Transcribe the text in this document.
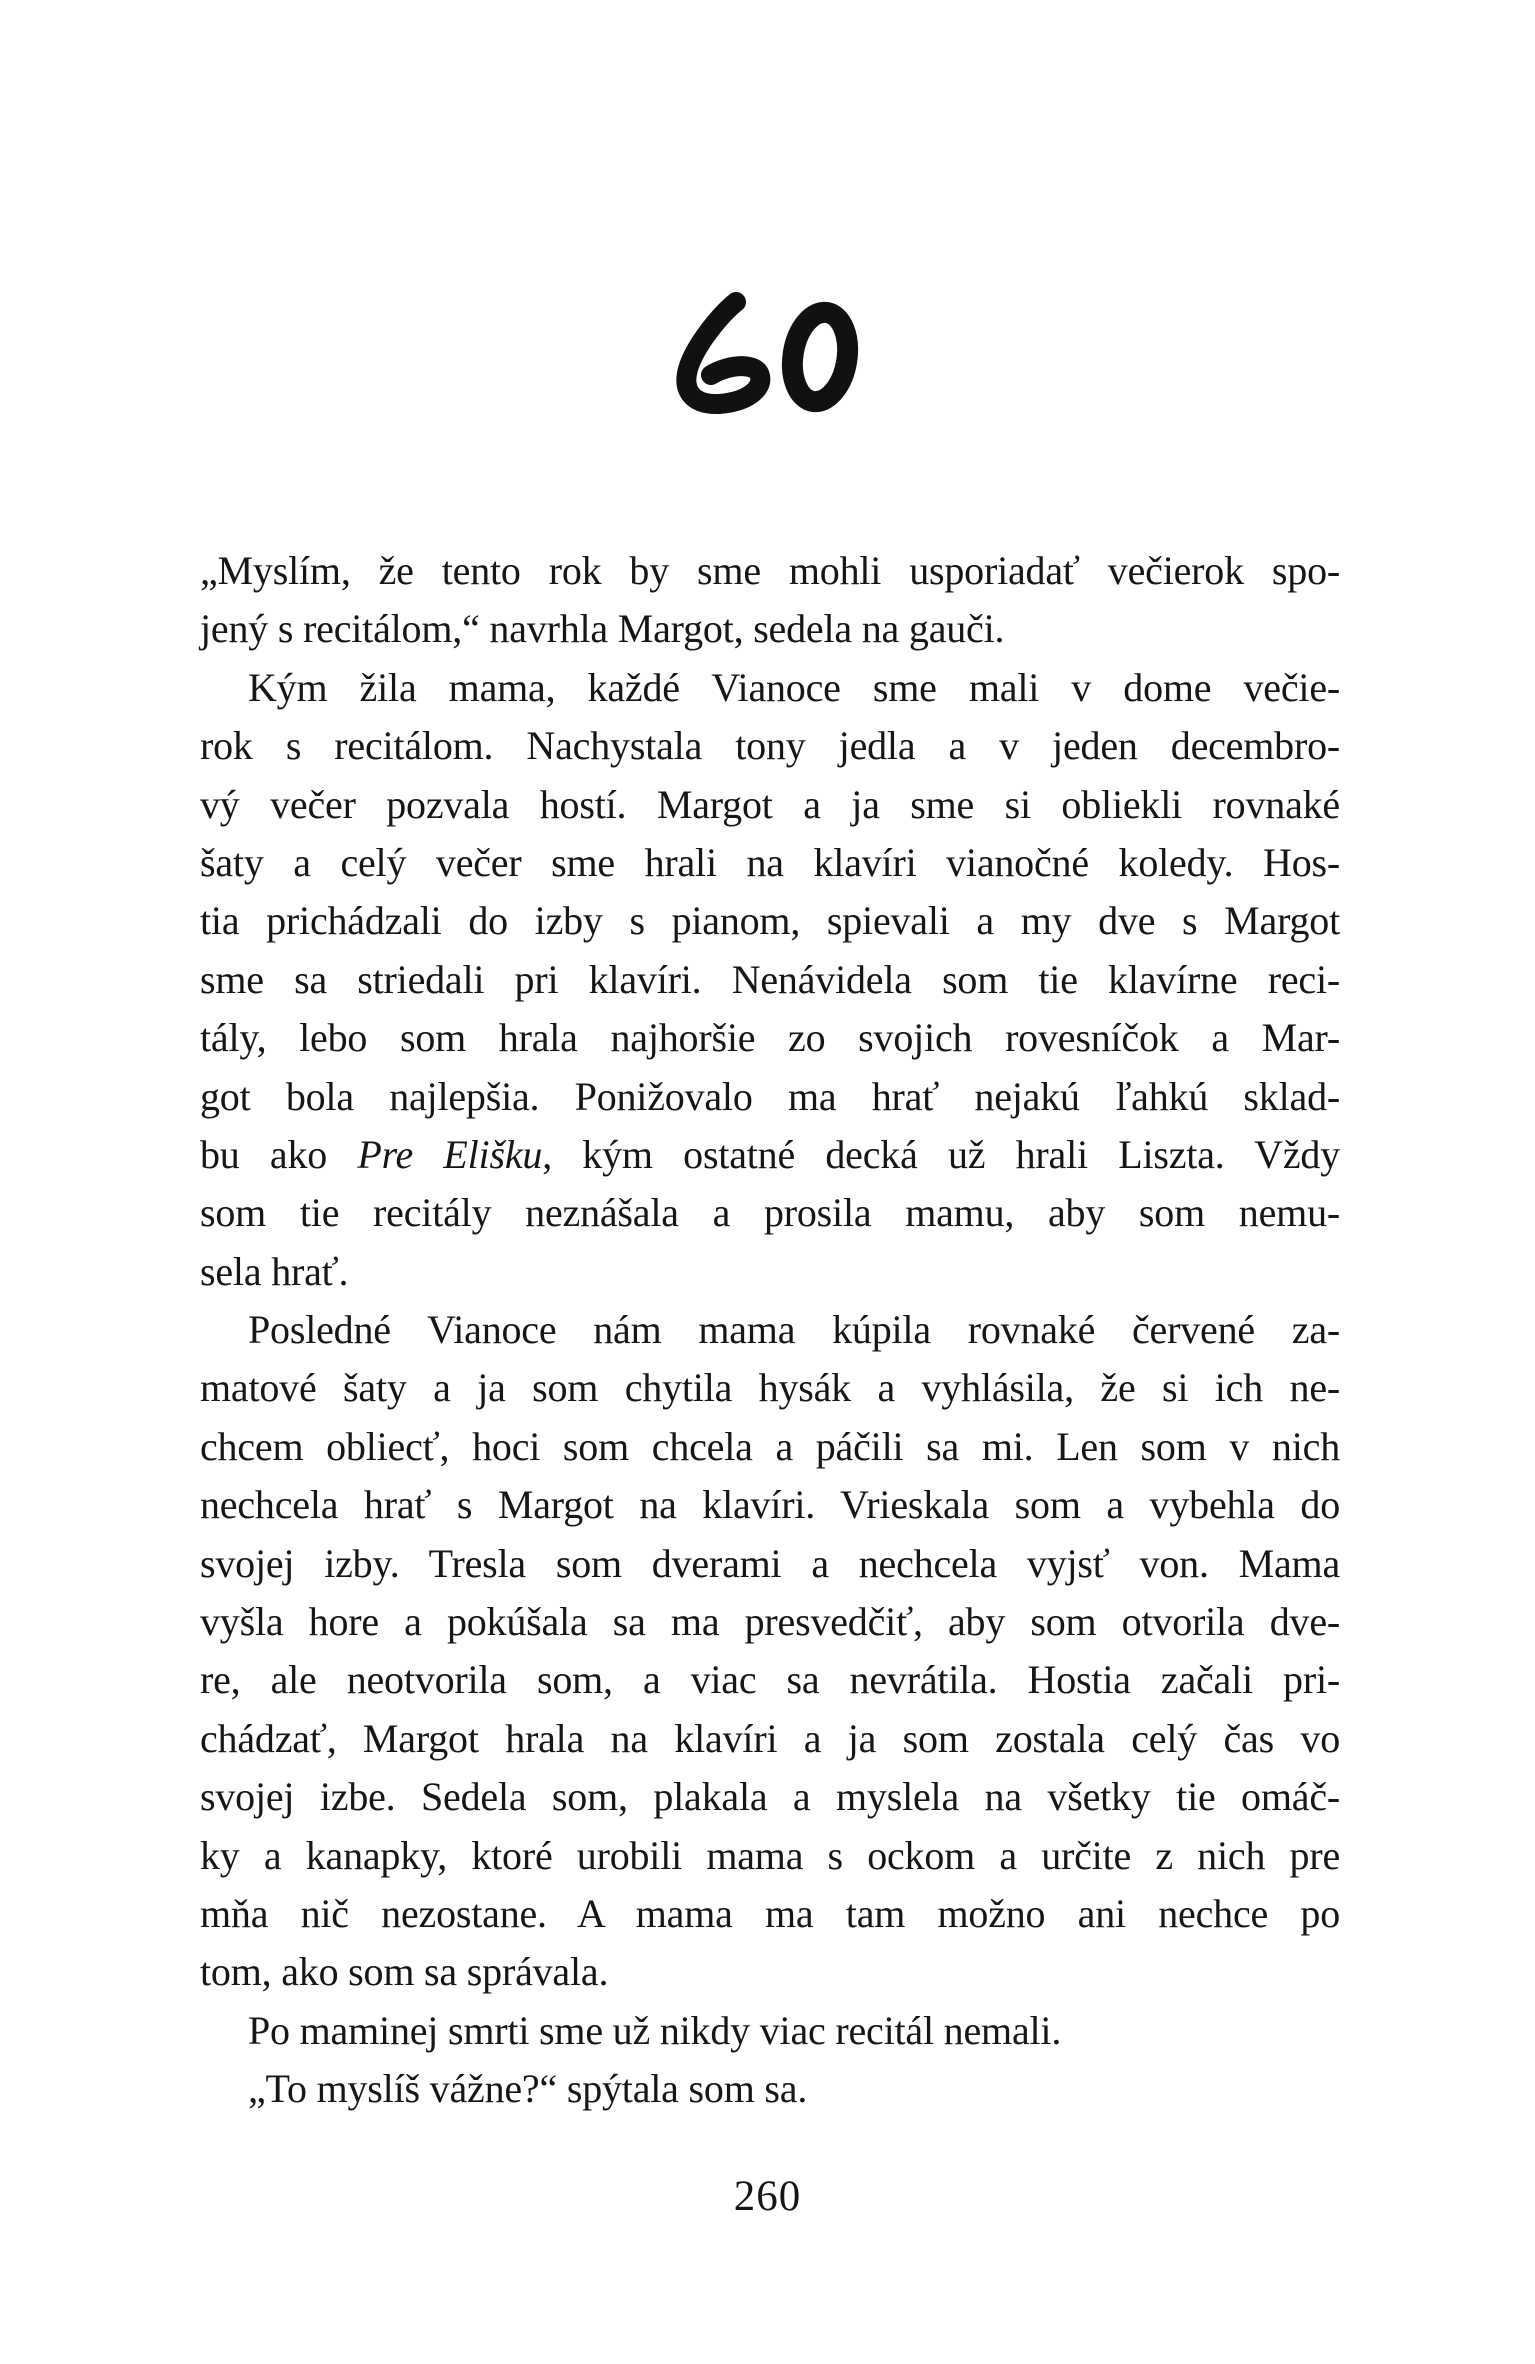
„Myslím, že tento rok by sme mohli usporiadať večierok spo-
jený s recitálom,“ navrhla Margot, sedela na gauči.
Kým žila mama, každé Vianoce sme mali v dome večie-
rok s recitálom. Nachystala tony jedla a v jeden decembro-
vý večer pozvala hostí. Margot a ja sme si obliekli rovnaké
šaty a celý večer sme hrali na klavíri vianočné koledy. Hos-
tia prichádzali do izby s pianom, spievali a my dve s Margot
sme sa striedali pri klavíri. Nenávidela som tie klavírne reci-
tály, lebo som hrala najhoršie zo svojich rovesníčok a Mar-
got bola najlepšia. Ponižovalo ma hrať nejakú ľahkú sklad-
bu ako Pre Elišku, kým ostatné decká už hrali Liszta. Vždy
som tie recitály neznášala a prosila mamu, aby som nemu-
sela hrať.
Posledné Vianoce nám mama kúpila rovnaké červené za-
matové šaty a ja som chytila hysák a vyhlásila, že si ich ne-
chcem obliecť, hoci som chcela a páčili sa mi. Len som v nich
nechcela hrať s Margot na klavíri. Vrieskala som a vybehla do
svojej izby. Tresla som dverami a nechcela vyjsť von. Mama
vyšla hore a pokúšala sa ma presvedčiť, aby som otvorila dve-
re, ale neotvorila som, a viac sa nevrátila. Hostia začali pri-
chádzať, Margot hrala na klavíri a ja som zostala celý čas vo
svojej izbe. Sedela som, plakala a myslela na všetky tie omáč-
ky a kanapky, ktoré urobili mama s ockom a určite z nich pre
mňa nič nezostane. A mama ma tam možno ani nechce po
tom, ako som sa správala.
Po maminej smrti sme už nikdy viac recitál nemali.
„To myslíš vážne?“ spýtala som sa.
260
